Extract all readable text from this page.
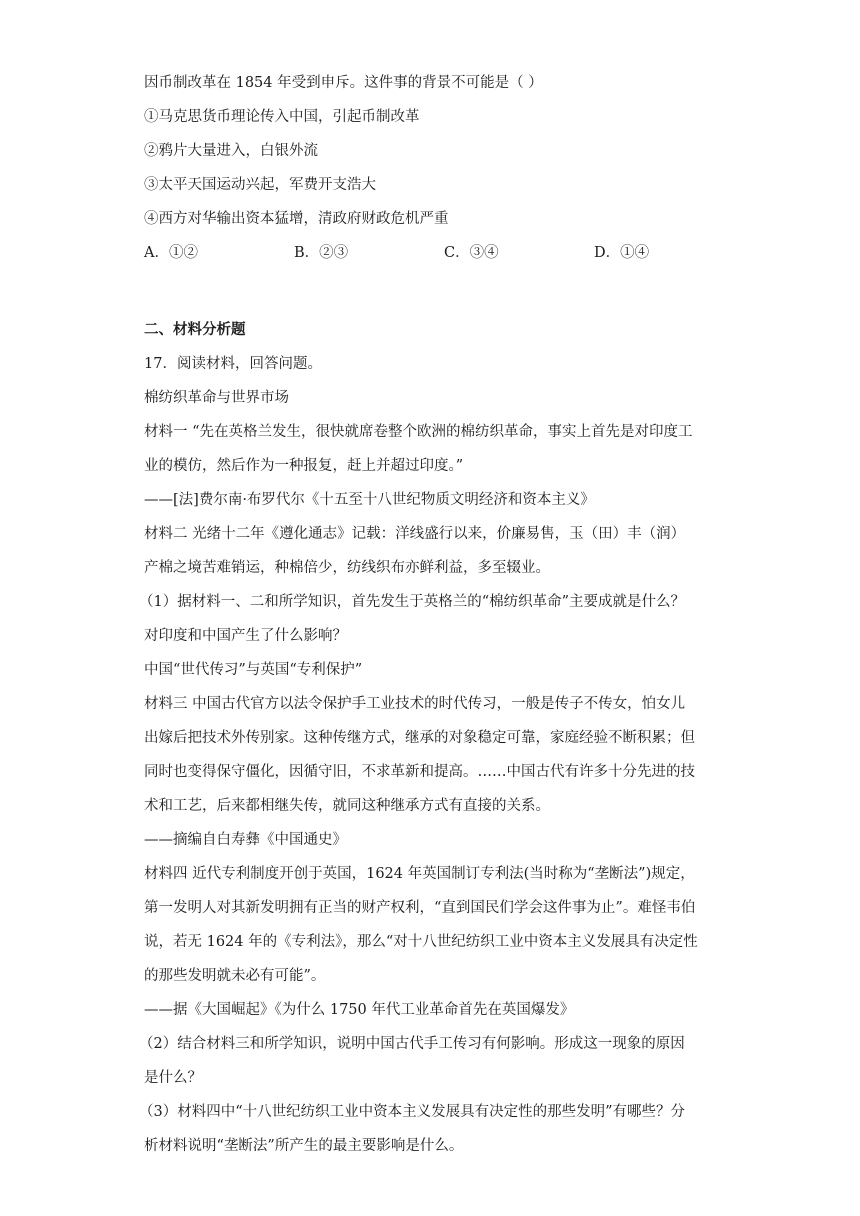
因币制改革在 1854 年受到申斥。这件事的背景不可能是（ ）
①马克思货币理论传入中国，引起币制改革
②鸦片大量进入，白银外流
③太平天国运动兴起，军费开支浩大
④西方对华输出资本猛增，清政府财政危机严重
A．①②	B．②③	C．③④	D．①④
二、材料分析题
17．阅读材料，回答问题。
棉纺织革命与世界市场
材料一 “先在英格兰发生，很快就席卷整个欧洲的棉纺织革命，事实上首先是对印度工
业的模仿，然后作为一种报复，赶上并超过印度。”
——[法]费尔南·布罗代尔《十五至十八世纪物质文明经济和资本主义》
材料二 光绪十二年《遵化通志》记载：洋线盛行以来，价廉易售，玉（田）丰（润）
产棉之境苦难销运，种棉倍少，纺线织布亦鲜利益，多至辍业。
（1）据材料一、二和所学知识，首先发生于英格兰的“棉纺织革命”主要成就是什么？
对印度和中国产生了什么影响？
中国“世代传习”与英国“专利保护”
材料三 中国古代官方以法令保护手工业技术的时代传习，一般是传子不传女，怕女儿
出嫁后把技术外传别家。这种传继方式，继承的对象稳定可靠，家庭经验不断积累；但
同时也变得保守僵化，因循守旧，不求革新和提高。……中国古代有许多十分先进的技
术和工艺，后来都相继失传，就同这种继承方式有直接的关系。
——摘编自白寿彝《中国通史》
材料四 近代专利制度开创于英国，1624 年英国制订专利法(当时称为“垄断法”)规定，
第一发明人对其新发明拥有正当的财产权利，“直到国民们学会这件事为止”。难怪韦伯
说，若无 1624 年的《专利法》，那么“对十八世纪纺织工业中资本主义发展具有决定性
的那些发明就未必有可能”。
——据《大国崛起》《为什么 1750 年代工业革命首先在英国爆发》
（2）结合材料三和所学知识，说明中国古代手工传习有何影响。形成这一现象的原因
是什么？
（3）材料四中“十八世纪纺织工业中资本主义发展具有决定性的那些发明”有哪些？分
析材料说明“垄断法”所产生的最主要影响是什么。
